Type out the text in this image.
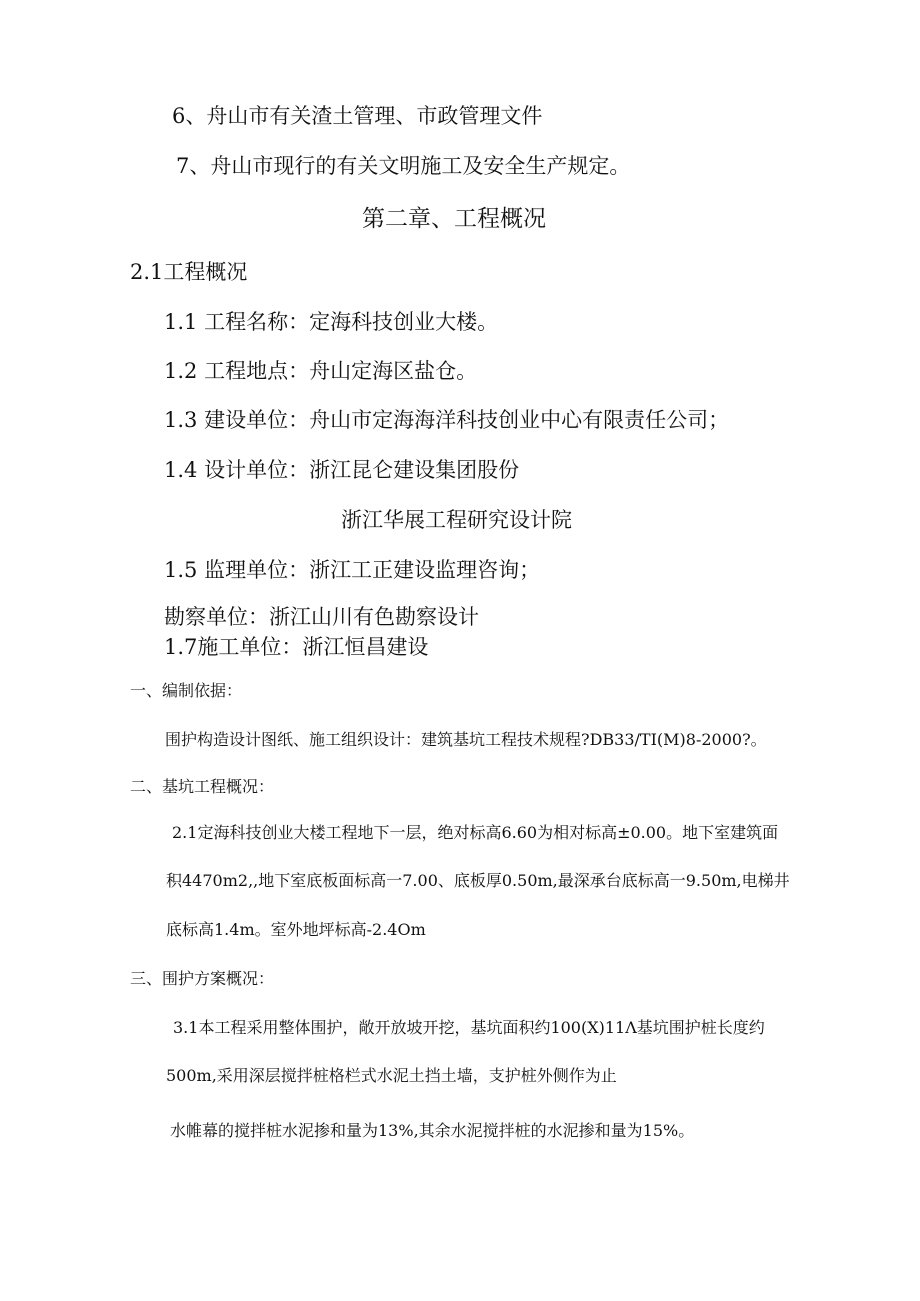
6、舟山市有关渣土管理、市政管理文件
7、舟山市现行的有关文明施工及安全生产规定。
第二章、工程概况
2.1工程概况
1.1 工程名称：定海科技创业大楼。
1.2 工程地点：舟山定海区盐仓。
1.3 建设单位：舟山市定海海洋科技创业中心有限责任公司；
1.4 设计单位：浙江昆仑建设集团股份
浙江华展工程研究设计院
1.5 监理单位：浙江工正建设监理咨询；
勘察单位：浙江山川有色勘察设计
1.7施工单位：浙江恒昌建设
一、编制依据：
围护构造设计图纸、施工组织设计：建筑基坑工程技术规程?DB33∕TI(M)8-2000?。
二、基坑工程概况：
2.1定海科技创业大楼工程地下一层，绝对标高6.60为相对标高±0.00。地下室建筑面
积4470m2,,地下室底板面标高一7.00、底板厚0.50m,最深承台底标高一9.50m,电梯井
底标高1.4m。室外地坪标高-2.4Om
三、围护方案概况：
3.1本工程采用整体围护，敞开放坡开挖，基坑面积约100(X)11Λ基坑围护桩长度约
500m,采用深层搅拌桩格栏式水泥土挡土墙，支护桩外侧作为止
水帷幕的搅拌桩水泥掺和量为13%,其余水泥搅拌桩的水泥掺和量为15%。
